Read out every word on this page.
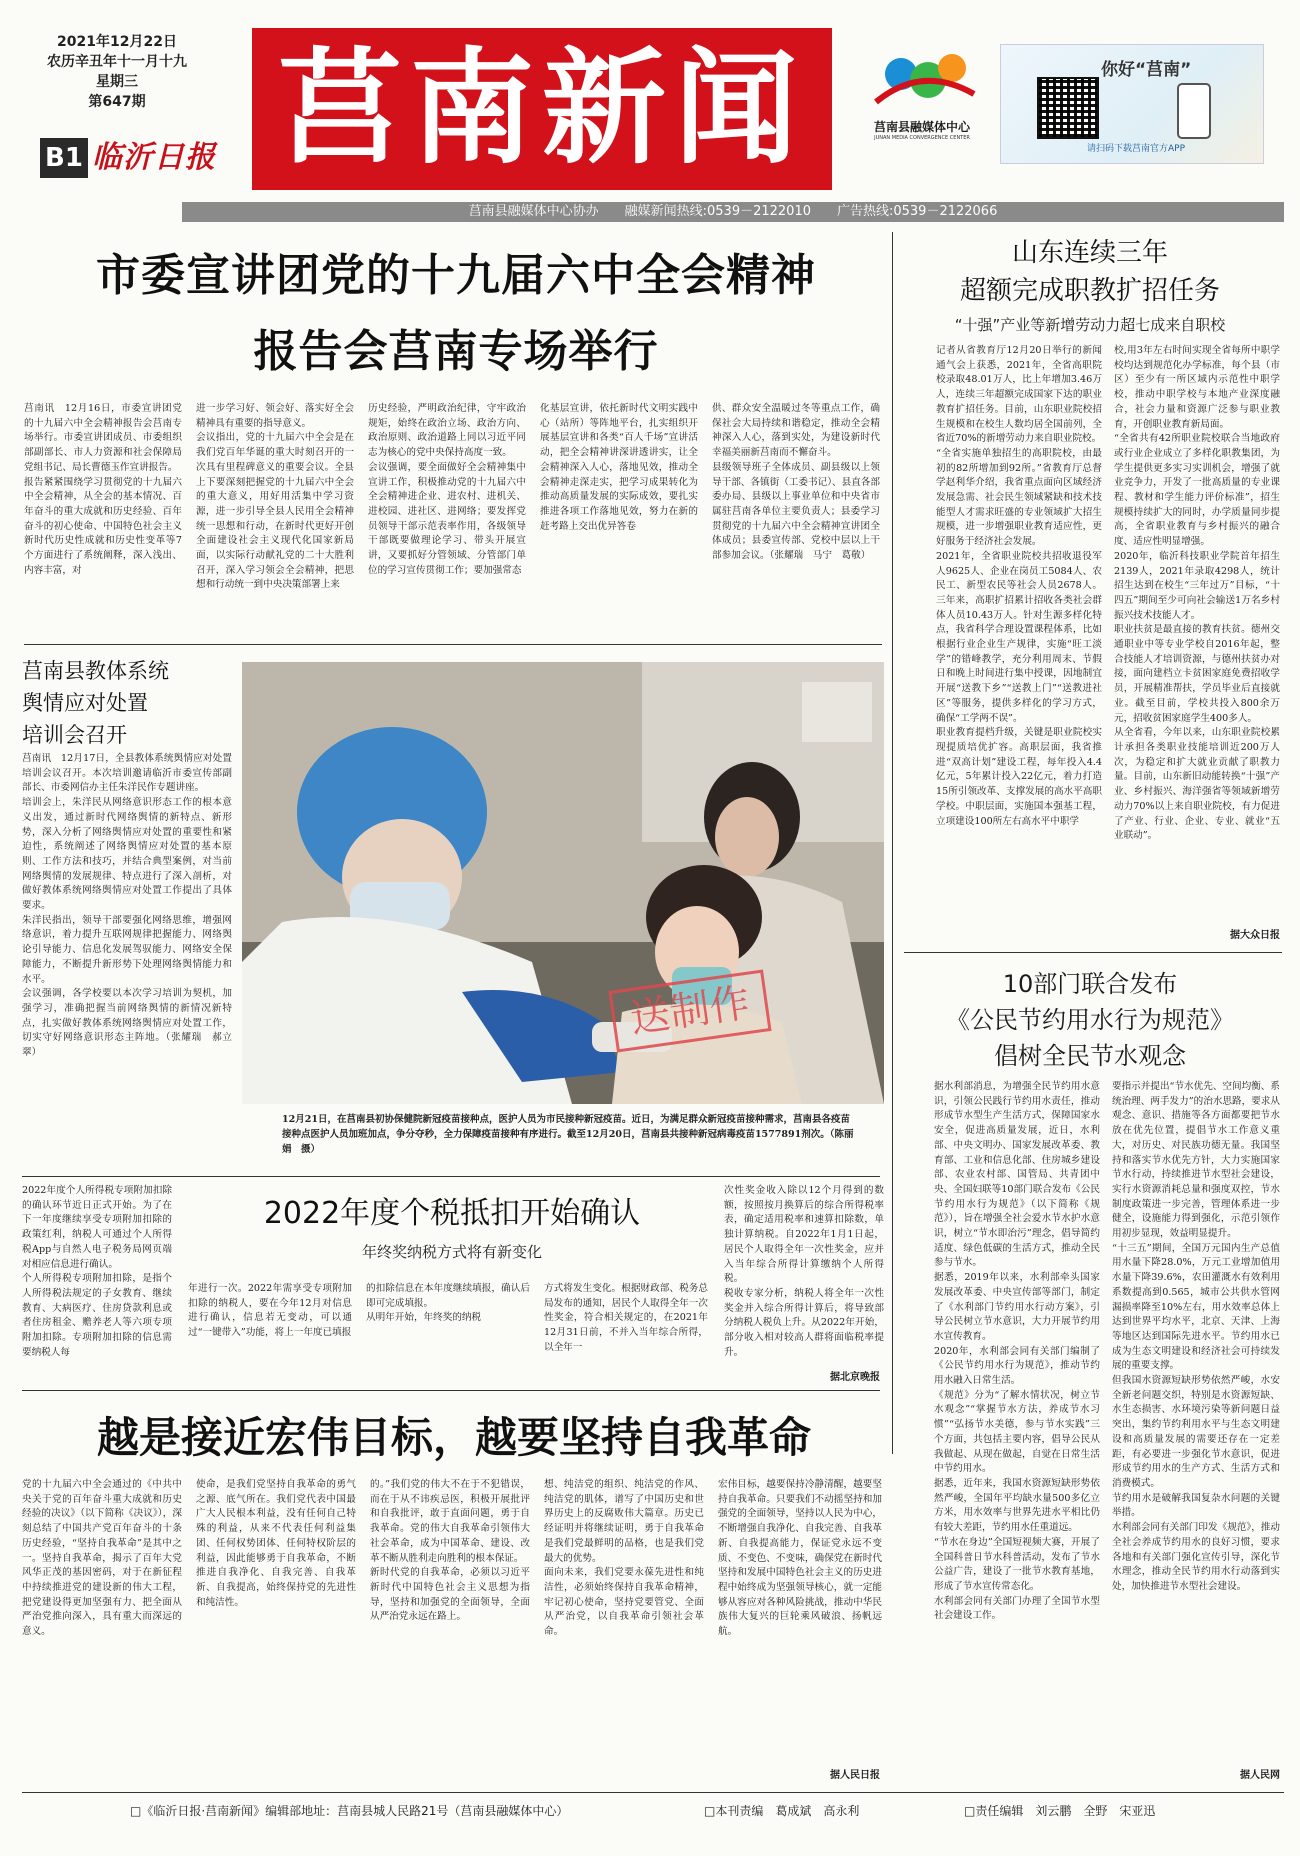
2021年12月22日
农历辛丑年十一月十九
星期三
第647期
B1 临沂日报 莒南新闻	莒南县融媒体中心
JUNAN MEDIA CONVERGENCE CENTER
你好“莒南”
请扫码下载莒南官方APP
莒南县融媒体中心协办　　融媒新闻热线:0539－2122010　　广告热线:0539－2122066
市委宣讲团党的十九届六中全会精神
报告会莒南专场举行
莒南讯　12月16日，市委宣讲团党的十九届六中全会精神报告会莒南专场举行。市委宣讲团成员、市委组织部副部长、市人力资源和社会保障局党组书记、局长曹德玉作宣讲报告。
报告紧紧围绕学习贯彻党的十九届六中全会精神，从全会的基本情况、百年奋斗的重大成就和历史经验、百年奋斗的初心使命、中国特色社会主义新时代历史性成就和历史性变革等7个方面进行了系统阐释，深入浅出、内容丰富，对
进一步学习好、领会好、落实好全会精神具有重要的指导意义。
会议指出，党的十九届六中全会是在我们党百年华诞的重大时刻召开的一次具有里程碑意义的重要会议。全县上下要深刻把握党的十九届六中全会的重大意义，用好用活集中学习资源，进一步引导全县人民用全会精神统一思想和行动，在新时代更好开创全面建设社会主义现代化国家新局面，以实际行动献礼党的二十大胜利召开，深入学习领会全会精神，把思想和行动统一到中央决策部署上来
历史经验，严明政治纪律，守牢政治规矩，始终在政治立场、政治方向、政治原则、政治道路上同以习近平同志为核心的党中央保持高度一致。
会议强调，要全面做好全会精神集中宣讲工作，积极推动党的十九届六中全会精神进企业、进农村、进机关、进校园、进社区、进网络；要发挥党员领导干部示范表率作用，各级领导干部既要做理论学习、带头开展宣讲，又要抓好分管领域、分管部门单位的学习宣传贯彻工作；要加强常态
化基层宣讲，依托新时代文明实践中心（站所）等阵地平台，扎实组织开展基层宣讲和各类“百人千场”宣讲活动，把全会精神讲深讲透讲实，让全会精神深入人心，落地见效，推动全会精神走深走实，把学习成果转化为推动高质量发展的实际成效，要扎实推进各项工作落地见效，努力在新的赶考路上交出优异答卷
供、群众安全温暖过冬等重点工作，确保社会大局持续和谐稳定，推动全会精神深入人心，落到实处，为建设新时代幸福美丽新莒南而不懈奋斗。
县级领导班子全体成员、副县级以上领导干部、各镇街（工委书记）、县直各部委办局、县级以上事业单位和中央省市属驻莒南各单位主要负责人；县委学习贯彻党的十九届六中全会精神宣讲团全体成员；县委宣传部、党校中层以上干部参加会议。（张耀瑞　马宁　葛敬）
山东连续三年
超额完成职教扩招任务
“十强”产业等新增劳动力超七成来自职校
记者从省教育厅12月20日举行的新闻通气会上获悉，2021年，全省高职院校录取48.01万人，比上年增加3.46万人，连续三年超额完成国家下达的职业教育扩招任务。目前，山东职业院校招生规模和在校生人数均居全国前列，全省近70%的新增劳动力来自职业院校。
“全省实施单独招生的高职院校，由最初的82所增加到92所。”省教育厅总督学赵利华介绍，我省重点面向区域经济发展急需、社会民生领域紧缺和技术技能型人才需求旺盛的专业领域扩大招生规模，进一步增强职业教育适应性，更好服务于经济社会发展。
2021年，全省职业院校共招收退役军人9625人、企业在岗员工5084人、农民工、新型农民等社会人员2678人。三年来，高职扩招累计招收各类社会群体人员10.43万人。针对生源多样化特点，我省科学合理设置课程体系，比如根据行业企业生产规律，实施“旺工淡学”的错峰教学，充分利用周末、节假日和晚上时间进行集中授课，因地制宜开展“送教下乡”“送教上门”“送教进社区”等服务，提供多样化的学习方式，确保“工学两不误”。
职业教育提档升级，关键是职业院校实现提质培优扩容。高职层面，我省推进“双高计划”建设工程，每年投入4.4亿元，5年累计投入22亿元，着力打造15所引领改革、支撑发展的高水平高职学校。中职层面，实施国本强基工程，立项建设100所左右高水平中职学
校,用3年左右时间实现全省每所中职学校均达到规范化办学标准，每个县（市区）至少有一所区域内示范性中职学校，推动中职学校与本地产业深度融合，社会力量和资源广泛参与职业教育，开创职业教育新局面。
“全省共有42所职业院校联合当地政府或行业企业成立了多样化职教集团，为学生提供更多实习实训机会，增强了就业竞争力，开发了一批高质量的专业课程、教材和学生能力评价标准”，招生规模持续扩大的同时，办学质量同步提高，全省职业教育与乡村振兴的融合度、适应性明显增强。
2020年，临沂科技职业学院首年招生2139人，2021年录取4298人，统计招生达到在校生“三年过万”目标，“十四五”期间至少可向社会输送1万名乡村振兴技术技能人才。
职业扶贫是最直接的教育扶贫。德州交通职业中等专业学校自2016年起，整合技能人才培训资源，与德州扶贫办对接，面向建档立卡贫困家庭免费招收学员，开展精准帮扶，学员毕业后直接就业。截至目前，学校共投入800余万元，招收贫困家庭学生400多人。
从全省看，今年以来，山东职业院校累计承担各类职业技能培训近200万人次，为稳定和扩大就业贡献了职教力量。目前，山东新旧动能转换“十强”产业、乡村振兴、海洋强省等领域新增劳动力70%以上来自职业院校，有力促进了产业、行业、企业、专业、就业“五业联动”。
据大众日报
莒南县教体系统
舆情应对处置
培训会召开
莒南讯　12月17日，全县教体系统舆情应对处置培训会议召开。本次培训邀请临沂市委宣传部副部长、市委网信办主任朱洋民作专题讲座。
培训会上，朱洋民从网络意识形态工作的根本意义出发，通过新时代网络舆情的新特点、新形势，深入分析了网络舆情应对处置的重要性和紧迫性，系统阐述了网络舆情应对处置的基本原则、工作方法和技巧，并结合典型案例，对当前网络舆情的发展规律、特点进行了深入剖析，对做好教体系统网络舆情应对处置工作提出了具体要求。
朱洋民指出，领导干部要强化网络思维，增强网络意识，着力提升互联网规律把握能力、网络舆论引导能力、信息化发展驾驭能力、网络安全保障能力，不断提升新形势下处理网络舆情能力和水平。
会议强调，各学校要以本次学习培训为契机，加强学习，准确把握当前网络舆情的新情况新特点，扎实做好教体系统网络舆情应对处置工作，切实守好网络意识形态主阵地。（张耀瑞　郝立翠）
送制作
12月21日，在莒南县初协保健院新冠疫苗接种点，医护人员为市民接种新冠疫苗。近日，为满足群众新冠疫苗接种需求，莒南县各疫苗接种点医护人员加班加点，争分夺秒，全力保障疫苗接种有序进行。截至12月20日，莒南县共接种新冠病毒疫苗1577891剂次。（陈丽娟　摄）
2022年度个人所得税专项附加扣除的确认环节近日正式开始。为了在下一年度继续享受专项附加扣除的政策红利，纳税人可通过个人所得税App与自然人电子税务局网页端对相应信息进行确认。
个人所得税专项附加扣除，是指个人所得税法规定的子女教育、继续教育、大病医疗、住房贷款利息或者住房租金、赡养老人等六项专项附加扣除。专项附加扣除的信息需要纳税人每
2022年度个税抵扣开始确认
年终奖纳税方式将有新变化
年进行一次。2022年需享受专项附加扣除的纳税人，要在今年12月对信息进行确认，信息若无变动，可以通过“一键带入”功能，将上一年度已填报
的扣除信息在本年度继续填报，确认后即可完成填报。
从明年开始，年终奖的纳税
方式将发生变化。根据财政部、税务总局发布的通知，居民个人取得全年一次性奖金，符合相关规定的，在2021年12月31日前，不并入当年综合所得，以全年一
次性奖金收入除以12个月得到的数额，按照按月换算后的综合所得税率表，确定适用税率和速算扣除数，单独计算纳税。自2022年1月1日起，居民个人取得全年一次性奖金，应并入当年综合所得计算缴纳个人所得税。
税收专家分析，纳税人将全年一次性奖金并入综合所得计算后，将导致部分纳税人税负上升。从2022年开始，部分收入相对较高人群将面临税率提升。
据北京晚报
10部门联合发布
《公民节约用水行为规范》
倡树全民节水观念
据水利部消息，为增强全民节约用水意识，引领公民践行节约用水责任，推动形成节水型生产生活方式，保障国家水安全，促进高质量发展，近日，水利部、中央文明办、国家发展改革委、教育部、工业和信息化部、住房城乡建设部、农业农村部、国管局、共青团中央、全国妇联等10部门联合发布《公民节约用水行为规范》（以下简称《规范》），旨在增强全社会爱水节水护水意识，树立“节水即治污”理念，倡导简约适度、绿色低碳的生活方式，推动全民参与节水。
据悉，2019年以来，水利部牵头国家发展改革委、中央宣传部等部门，制定了《水利部门节约用水行动方案》，引导公民树立节水意识，大力开展节约用水宣传教育。
2020年，水利部会同有关部门编制了《公民节约用水行为规范》，推动节约用水融入日常生活。
《规范》分为“了解水情状况，树立节水观念”“掌握节水方法，养成节水习惯”“弘扬节水美德，参与节水实践”三个方面，共包括主要内容，倡导公民从我做起、从现在做起，自觉在日常生活中节约用水。
据悉，近年来，我国水资源短缺形势依然严峻，全国年平均缺水量500多亿立方米，用水效率与世界先进水平相比仍有较大差距，节约用水任重道远。
“节水在身边”全国短视频大赛，开展了全国科普日节水科普活动，发布了节水公益广告，建设了一批节水教育基地，形成了节水宣传常态化。
水利部会同有关部门办理了全国节水型社会建设工作。
要指示并提出“节水优先、空间均衡、系统治理、两手发力”的治水思路，要求从观念、意识、措施等各方面都要把节水放在优先位置，提倡节水工作意义重大，对历史、对民族功德无量。我国坚持和落实节水优先方针，大力实施国家节水行动，持续推进节水型社会建设，实行水资源消耗总量和强度双控，节水制度政策进一步完善，管理体系进一步健全，设施能力得到强化，示范引领作用初步显现，效益明显提升。
“十三五”期间，全国万元国内生产总值用水量下降28.0%，万元工业增加值用水量下降39.6%，农田灌溉水有效利用系数提高到0.565，城市公共供水管网漏损率降至10%左右，用水效率总体上达到世界平均水平，北京、天津、上海等地区达到国际先进水平。节约用水已成为生态文明建设和经济社会可持续发展的重要支撑。
但我国水资源短缺形势依然严峻，水安全新老问题交织，特别是水资源短缺、水生态损害、水环境污染等新问题日益突出，集约节约利用水平与生态文明建设和高质量发展的需要还存在一定差距，有必要进一步强化节水意识，促进形成节约用水的生产方式、生活方式和消费模式。
节约用水是破解我国复杂水问题的关键举措。
水利部会同有关部门印发《规范》，推动全社会养成节约用水的良好习惯，要求各地和有关部门强化宣传引导，深化节水理念，推动全民节约用水行动落到实处，加快推进节水型社会建设。
据人民网
越是接近宏伟目标，越要坚持自我革命
党的十九届六中全会通过的《中共中央关于党的百年奋斗重大成就和历史经验的决议》（以下简称《决议》），深刻总结了中国共产党百年奋斗的十条历史经验，“坚持自我革命”是其中之一。坚持自我革命，揭示了百年大党风华正茂的基因密码，对于在新征程中持续推进党的建设新的伟大工程，把党建设得更加坚强有力、把全面从严治党推向深入，具有重大而深远的意义。
使命，是我们党坚持自我革命的勇气之源、底气所在。我们党代表中国最广大人民根本利益，没有任何自己特殊的利益，从来不代表任何利益集团、任何权势团体、任何特权阶层的利益，因此能够勇于自我革命，不断推进自我净化、自我完善、自我革新、自我提高，始终保持党的先进性和纯洁性。
的。”我们党的伟大不在于不犯错误，而在于从不讳疾忌医，积极开展批评和自我批评，敢于直面问题，勇于自我革命。党的伟大自我革命引领伟大社会革命，成为中国革命、建设、改革不断从胜利走向胜利的根本保证。
新时代党的自我革命，必须以习近平新时代中国特色社会主义思想为指导，坚持和加强党的全面领导，全面从严治党永远在路上。
想、纯洁党的组织、纯洁党的作风、纯洁党的肌体，谱写了中国历史和世界历史上的反腐败伟大篇章。历史已经证明并将继续证明，勇于自我革命是我们党最鲜明的品格，也是我们党最大的优势。
面向未来，我们党要永葆先进性和纯洁性，必须始终保持自我革命精神，牢记初心使命，坚持党要管党、全面从严治党，以自我革命引领社会革命。
宏伟目标，越要保持冷静清醒，越要坚持自我革命。只要我们不动摇坚持和加强党的全面领导，坚持以人民为中心，不断增强自我净化、自我完善、自我革新、自我提高能力，保证党永远不变质、不变色、不变味，确保党在新时代坚持和发展中国特色社会主义的历史进程中始终成为坚强领导核心，就一定能够从容应对各种风险挑战，推动中华民族伟大复兴的巨轮乘风破浪、扬帆远航。
据人民日报
□《临沂日报·莒南新闻》编辑部地址：莒南县城人民路21号（莒南县融媒体中心）	□本刊责编　葛成斌　高永利	□责任编辑　刘云鹏　全野　宋亚迅
